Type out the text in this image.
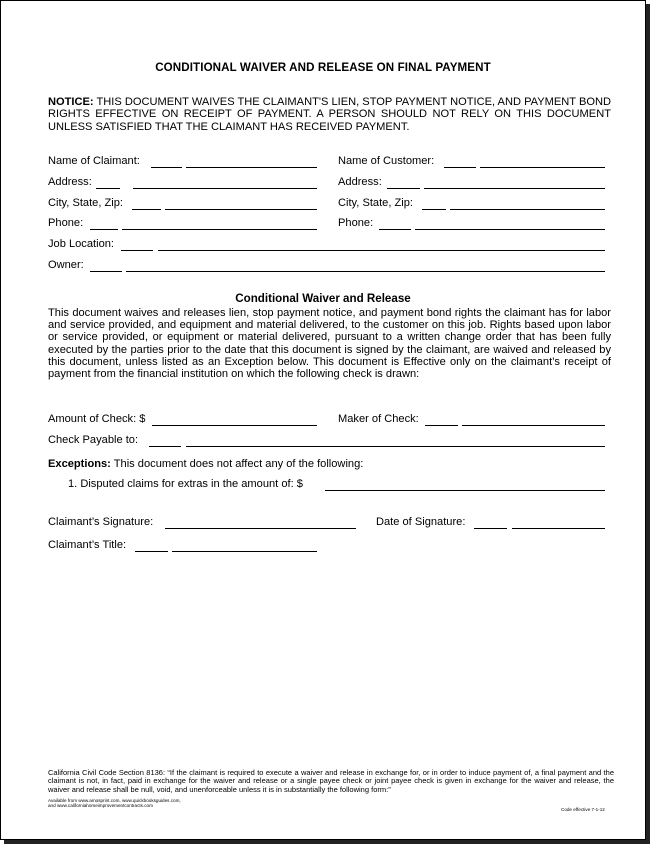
CONDITIONAL WAIVER AND RELEASE ON FINAL PAYMENT
NOTICE: THIS DOCUMENT WAIVES THE CLAIMANT'S LIEN, STOP PAYMENT NOTICE, AND PAYMENT BOND RIGHTS EFFECTIVE ON RECEIPT OF PAYMENT. A PERSON SHOULD NOT RELY ON THIS DOCUMENT UNLESS SATISFIED THAT THE CLAIMANT HAS RECEIVED PAYMENT.
Name of Claimant:
Address:
City, State, Zip:
Phone:
Name of Customer:
Address:
City, State, Zip:
Phone:
Job Location:
Owner:
Conditional Waiver and Release
This document waives and releases lien, stop payment notice, and payment bond rights the claimant has for labor and service provided, and equipment and material delivered, to the customer on this job. Rights based upon labor or service provided, or equipment or material delivered, pursuant to a written change order that has been fully executed by the parties prior to the date that this document is signed by the claimant, are waived and released by this document, unless listed as an Exception below. This document is Effective only on the claimant’s receipt of payment from the financial institution on which the following check is drawn:
Amount of Check: $	Maker of Check:
Check Payable to:
Exceptions: This document does not affect any of the following:
1. Disputed claims for extras in the amount of: $
Claimant’s Signature:	Date of Signature:
Claimant’s Title:
California Civil Code Section 8136: “If the claimant is required to execute a waiver and release in exchange for, or in order to induce payment of, a final payment and the claimant is not, in fact, paid in exchange for the waiver and release or a single payee check or joint payee check is given in exchange for the waiver and release, the waiver and release shall be null, void, and unenforceable unless it is in substantially the following form:”
Available from www.amosprint.com, www.quickbooksguides.com,
and www.californiahomeimprovementcontracts.com
Code effective 7-1-12
